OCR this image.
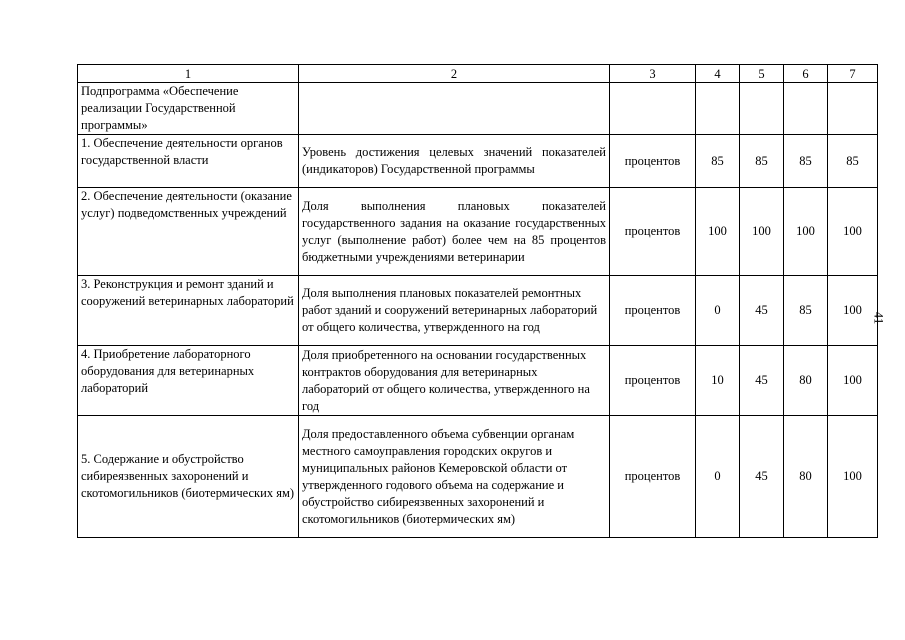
1	2	3	4	5	6	7
Подпрограмма «Обеспечение реализации Государственной программы»						
1. Обеспечение деятельности органов государственной власти	Уровень достижения целевых значений показателей (индикаторов) Государственной программы	процентов	85	85	85	85
2. Обеспечение деятельности (оказание услуг) подведомственных учреждений	Доля выполнения плановых показателей государственного задания на оказание государственных услуг (выполнение работ) более чем на 85 процентов бюджетными учреждениями ветеринарии	процентов	100	100	100	100
3. Реконструкция и ремонт зданий и сооружений ветеринарных лабораторий	Доля выполнения плановых показателей ремонтных работ зданий и сооружений ветеринарных лабораторий от общего количества, утвержденного на год	процентов	0	45	85	100
4. Приобретение лабораторного оборудования для ветеринарных лабораторий	Доля приобретенного на основании государственных контрактов оборудования для ветеринарных лабораторий от общего количества, утвержденного на год	процентов	10	45	80	100
5. Содержание и обустройство сибиреязвенных захоронений и скотомогильников (биотермических ям)	Доля предоставленного объема субвенции органам местного самоуправления городских округов и муниципальных районов Кемеровской области от утвержденного годового объема на содержание и обустройство сибиреязвенных захоронений и скотомогильников (биотермических ям)	процентов	0	45	80	100
41
